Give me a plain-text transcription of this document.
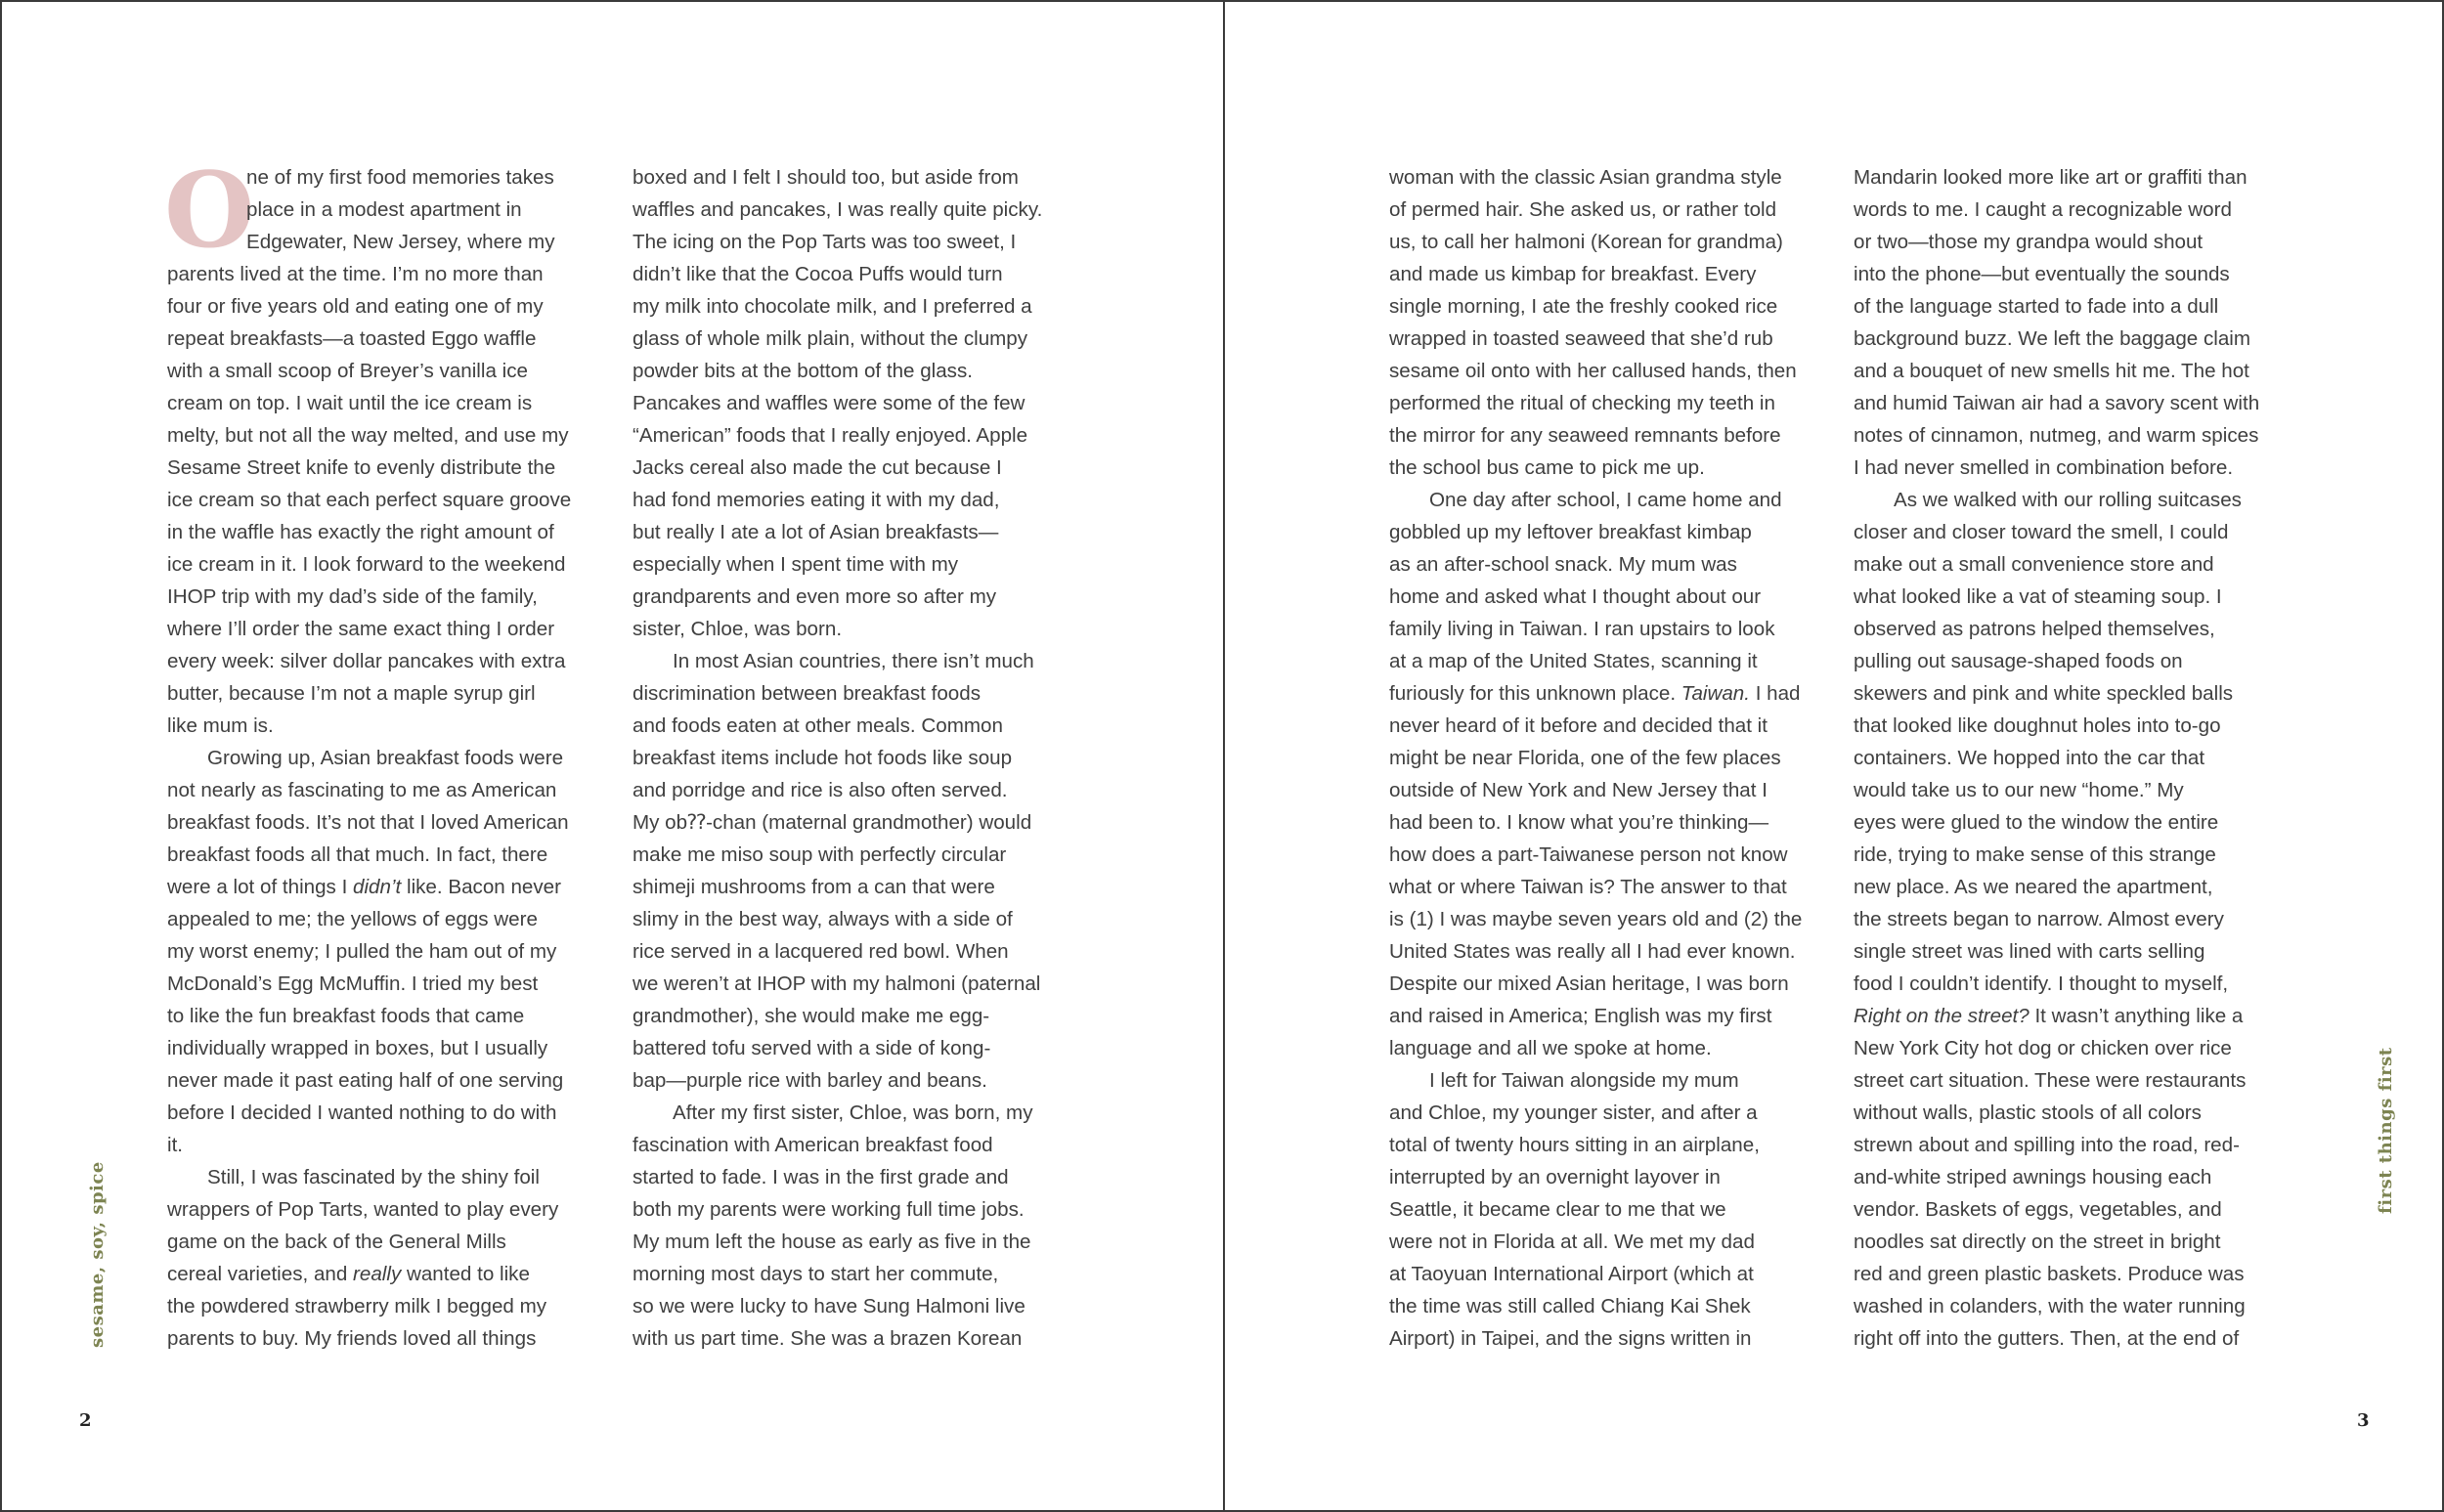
O
ne of my first food memories takes
place in a modest apartment in
Edgewater, New Jersey, where my
parents lived at the time. I’m no more than
four or five years old and eating one of my
repeat breakfasts—a toasted Eggo waffle
with a small scoop of Breyer’s vanilla ice
cream on top. I wait until the ice cream is
melty, but not all the way melted, and use my
Sesame Street knife to evenly distribute the
ice cream so that each perfect square groove
in the waffle has exactly the right amount of
ice cream in it. I look forward to the weekend
IHOP trip with my dad’s side of the family,
where I’ll order the same exact thing I order
every week: silver dollar pancakes with extra
butter, because I’m not a maple syrup girl
like mum is.
Growing up, Asian breakfast foods were
not nearly as fascinating to me as American
breakfast foods. It’s not that I loved American
breakfast foods all that much. In fact, there
were a lot of things I didn’t like. Bacon never
appealed to me; the yellows of eggs were
my worst enemy; I pulled the ham out of my
McDonald’s Egg McMuffin. I tried my best
to like the fun breakfast foods that came
individually wrapped in boxes, but I usually
never made it past eating half of one serving
before I decided I wanted nothing to do with
it.
Still, I was fascinated by the shiny foil
wrappers of Pop Tarts, wanted to play every
game on the back of the General Mills
cereal varieties, and really wanted to like
the powdered strawberry milk I begged my
parents to buy. My friends loved all things
boxed and I felt I should too, but aside from
waffles and pancakes, I was really quite picky.
The icing on the Pop Tarts was too sweet, I
didn’t like that the Cocoa Puffs would turn
my milk into chocolate milk, and I preferred a
glass of whole milk plain, without the clumpy
powder bits at the bottom of the glass.
Pancakes and waffles were some of the few
“American” foods that I really enjoyed. Apple
Jacks cereal also made the cut because I
had fond memories eating it with my dad,
but really I ate a lot of Asian breakfasts—
especially when I spent time with my
grandparents and even more so after my
sister, Chloe, was born.
In most Asian countries, there isn’t much
discrimination between breakfast foods
and foods eaten at other meals. Common
breakfast items include hot foods like soup
and porridge and rice is also often served.
My ob⁇-chan (maternal grandmother) would
make me miso soup with perfectly circular
shimeji mushrooms from a can that were
slimy in the best way, always with a side of
rice served in a lacquered red bowl. When
we weren’t at IHOP with my halmoni (paternal
grandmother), she would make me egg-
battered tofu served with a side of kong-
bap—purple rice with barley and beans.
After my first sister, Chloe, was born, my
fascination with American breakfast food
started to fade. I was in the first grade and
both my parents were working full time jobs.
My mum left the house as early as five in the
morning most days to start her commute,
so we were lucky to have Sung Halmoni live
with us part time. She was a brazen Korean
sesame, soy, spice
2
woman with the classic Asian grandma style
of permed hair. She asked us, or rather told
us, to call her halmoni (Korean for grandma)
and made us kimbap for breakfast. Every
single morning, I ate the freshly cooked rice
wrapped in toasted seaweed that she’d rub
sesame oil onto with her callused hands, then
performed the ritual of checking my teeth in
the mirror for any seaweed remnants before
the school bus came to pick me up.
One day after school, I came home and
gobbled up my leftover breakfast kimbap
as an after-school snack. My mum was
home and asked what I thought about our
family living in Taiwan. I ran upstairs to look
at a map of the United States, scanning it
furiously for this unknown place. Taiwan. I had
never heard of it before and decided that it
might be near Florida, one of the few places
outside of New York and New Jersey that I
had been to. I know what you’re thinking—
how does a part-Taiwanese person not know
what or where Taiwan is? The answer to that
is (1) I was maybe seven years old and (2) the
United States was really all I had ever known.
Despite our mixed Asian heritage, I was born
and raised in America; English was my first
language and all we spoke at home.
I left for Taiwan alongside my mum
and Chloe, my younger sister, and after a
total of twenty hours sitting in an airplane,
interrupted by an overnight layover in
Seattle, it became clear to me that we
were not in Florida at all. We met my dad
at Taoyuan International Airport (which at
the time was still called Chiang Kai Shek
Airport) in Taipei, and the signs written in
Mandarin looked more like art or graffiti than
words to me. I caught a recognizable word
or two—those my grandpa would shout
into the phone—but eventually the sounds
of the language started to fade into a dull
background buzz. We left the baggage claim
and a bouquet of new smells hit me. The hot
and humid Taiwan air had a savory scent with
notes of cinnamon, nutmeg, and warm spices
I had never smelled in combination before.
As we walked with our rolling suitcases
closer and closer toward the smell, I could
make out a small convenience store and
what looked like a vat of steaming soup. I
observed as patrons helped themselves,
pulling out sausage-shaped foods on
skewers and pink and white speckled balls
that looked like doughnut holes into to-go
containers. We hopped into the car that
would take us to our new “home.” My
eyes were glued to the window the entire
ride, trying to make sense of this strange
new place. As we neared the apartment,
the streets began to narrow. Almost every
single street was lined with carts selling
food I couldn’t identify. I thought to myself,
Right on the street? It wasn’t anything like a
New York City hot dog or chicken over rice
street cart situation. These were restaurants
without walls, plastic stools of all colors
strewn about and spilling into the road, red-
and-white striped awnings housing each
vendor. Baskets of eggs, vegetables, and
noodles sat directly on the street in bright
red and green plastic baskets. Produce was
washed in colanders, with the water running
right off into the gutters. Then, at the end of
first things first
3
